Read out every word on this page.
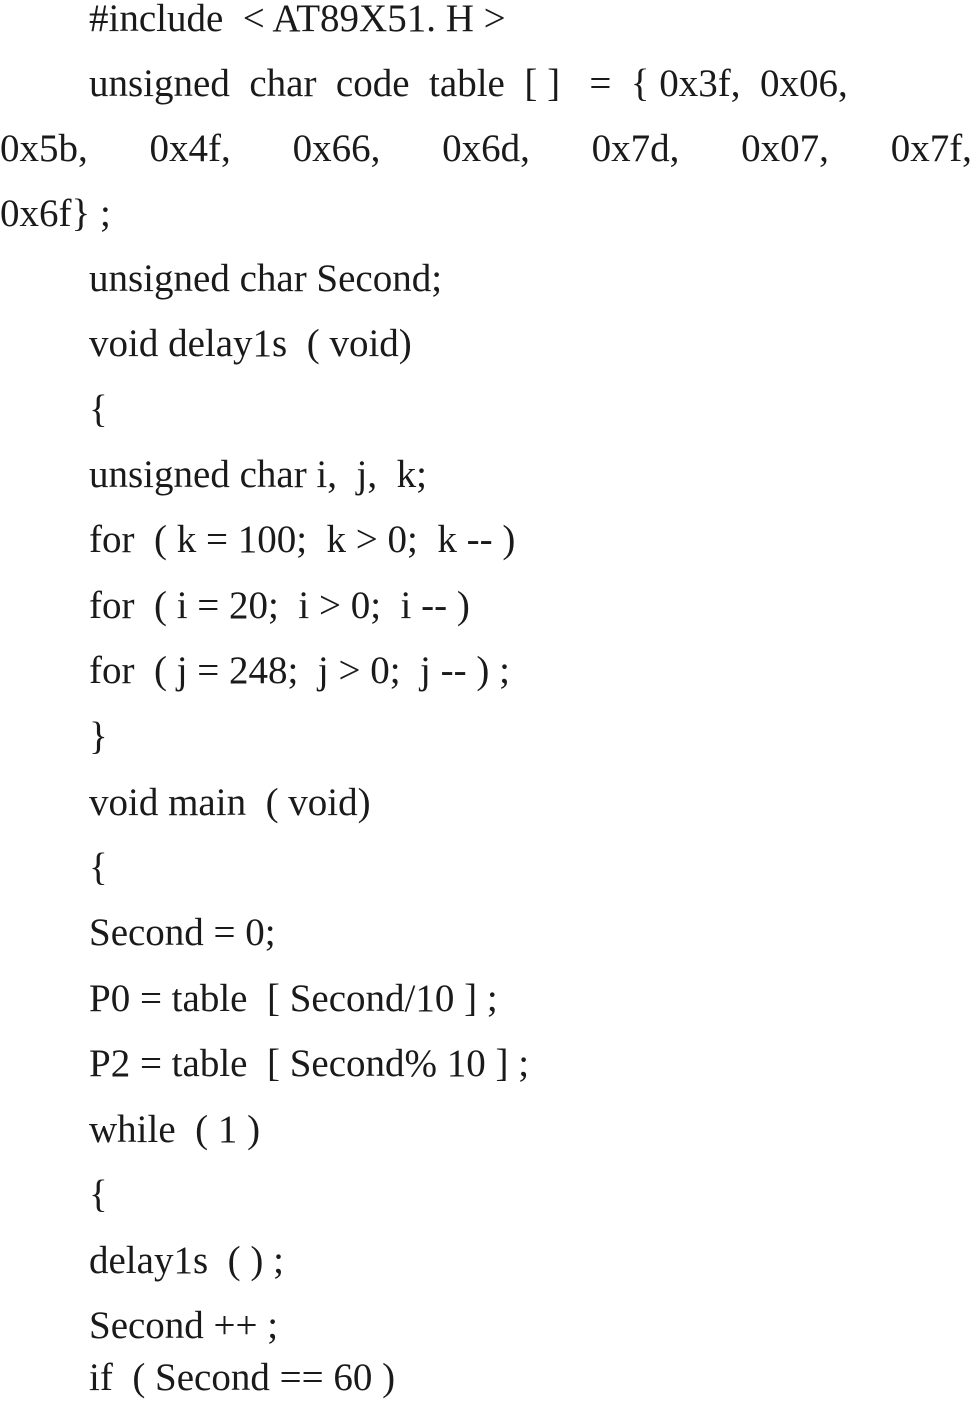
#include  < AT89X51. H >
unsigned  char  code  table  [ ]   =  { 0x3f,  0x06,
0x5b, 0x4f, 0x66, 0x6d, 0x7d, 0x07, 0x7f,
0x6f} ;
unsigned char Second;
void delay1s  ( void)
{
unsigned char i,  j,  k;
for  ( k = 100;  k > 0;  k -- )
for  ( i = 20;  i > 0;  i -- )
for  ( j = 248;  j > 0;  j -- ) ;
}
void main  ( void)
{
Second = 0;
P0 = table  [ Second/10 ] ;
P2 = table  [ Second% 10 ] ;
while  ( 1 )
{
delay1s  ( ) ;
Second ++ ;
if  ( Second == 60 )
